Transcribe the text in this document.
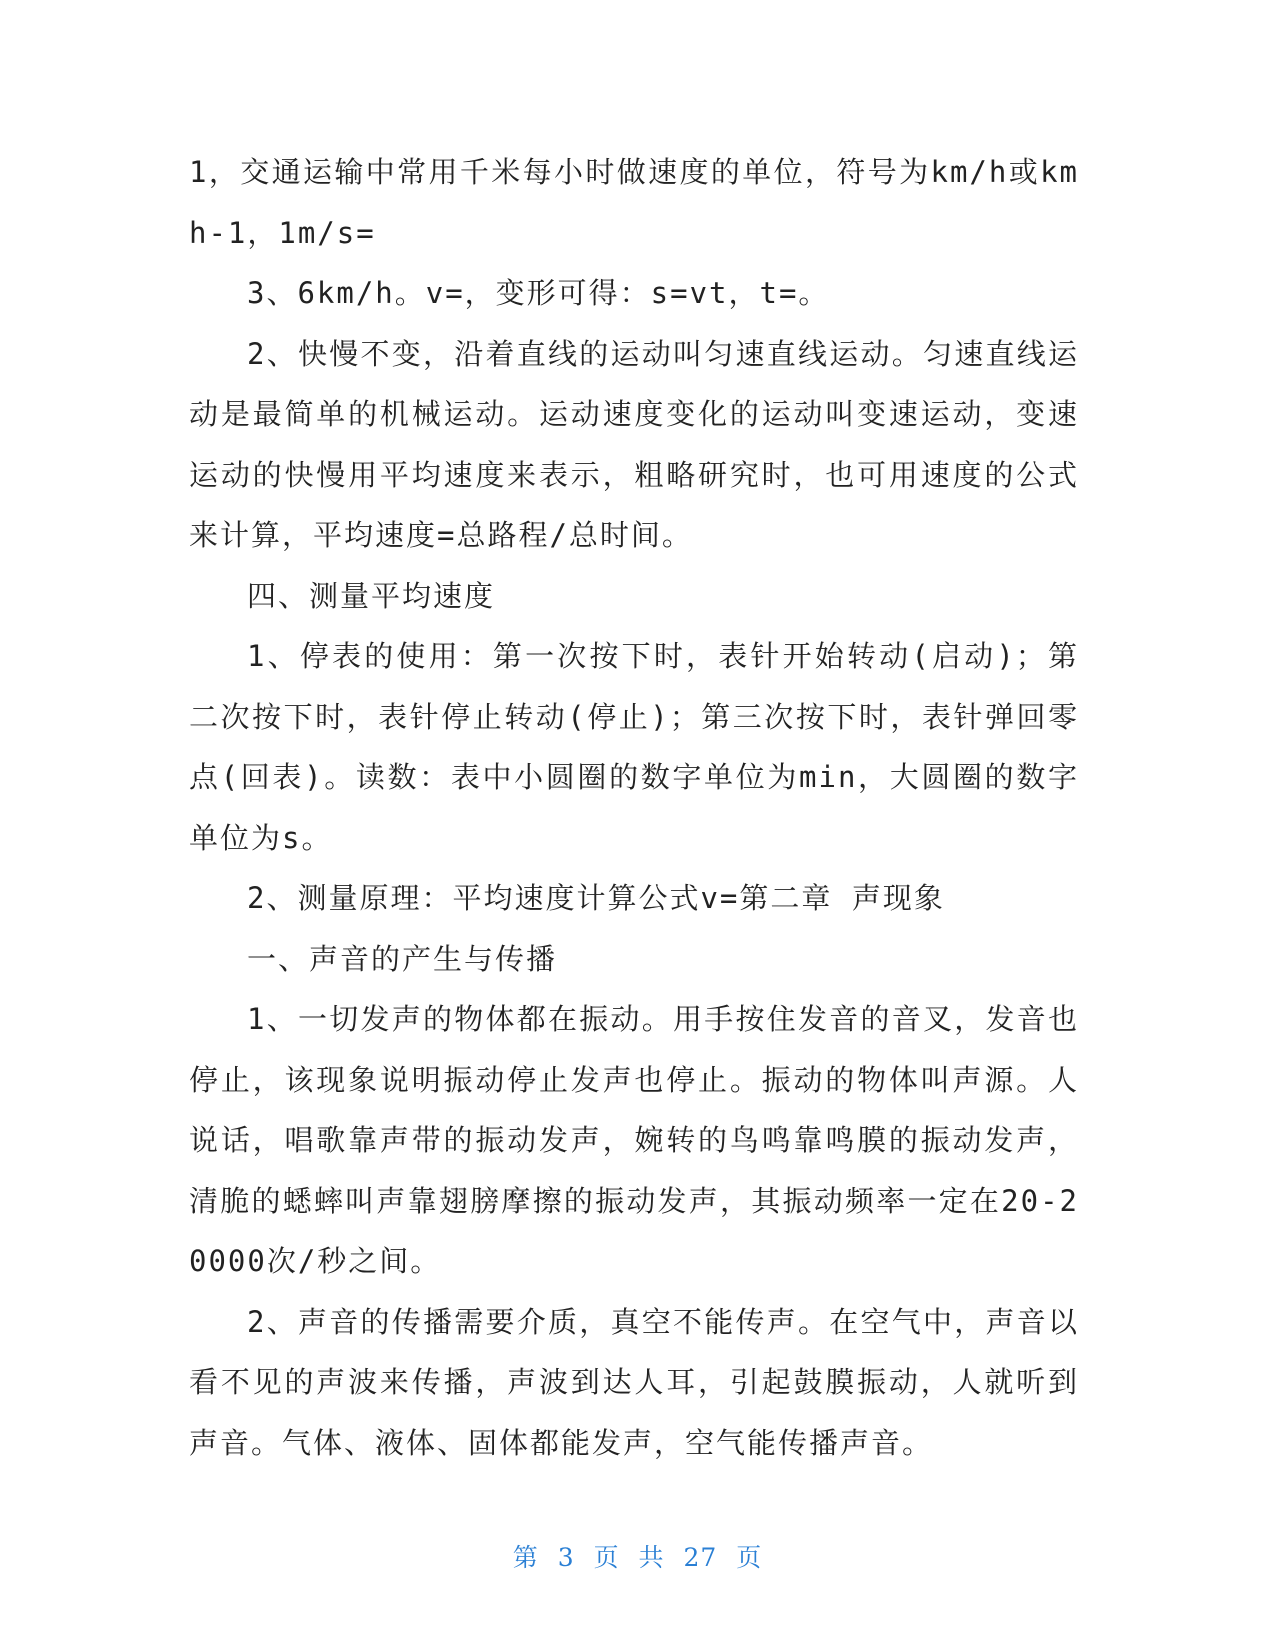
1，交通运输中常用千米每小时做速度的单位，符号为km/h或kmh-1，1m/s=

3、6km/h。v=，变形可得：s=vt，t=。

2、快慢不变，沿着直线的运动叫匀速直线运动。匀速直线运动是最简单的机械运动。运动速度变化的运动叫变速运动，变速运动的快慢用平均速度来表示，粗略研究时，也可用速度的公式来计算，平均速度=总路程/总时间。

四、测量平均速度

1、停表的使用：第一次按下时，表针开始转动(启动)；第二次按下时，表针停止转动(停止)；第三次按下时，表针弹回零点(回表)。读数：表中小圆圈的数字单位为min，大圆圈的数字单位为s。

2、测量原理：平均速度计算公式v=第二章 声现象

一、声音的产生与传播

1、一切发声的物体都在振动。用手按住发音的音叉，发音也停止，该现象说明振动停止发声也停止。振动的物体叫声源。人说话，唱歌靠声带的振动发声，婉转的鸟鸣靠鸣膜的振动发声，清脆的蟋蟀叫声靠翅膀摩擦的振动发声，其振动频率一定在20-20000次/秒之间。

2、声音的传播需要介质，真空不能传声。在空气中，声音以看不见的声波来传播，声波到达人耳，引起鼓膜振动，人就听到声音。气体、液体、固体都能发声，空气能传播声音。

第 3 页 共 27 页
